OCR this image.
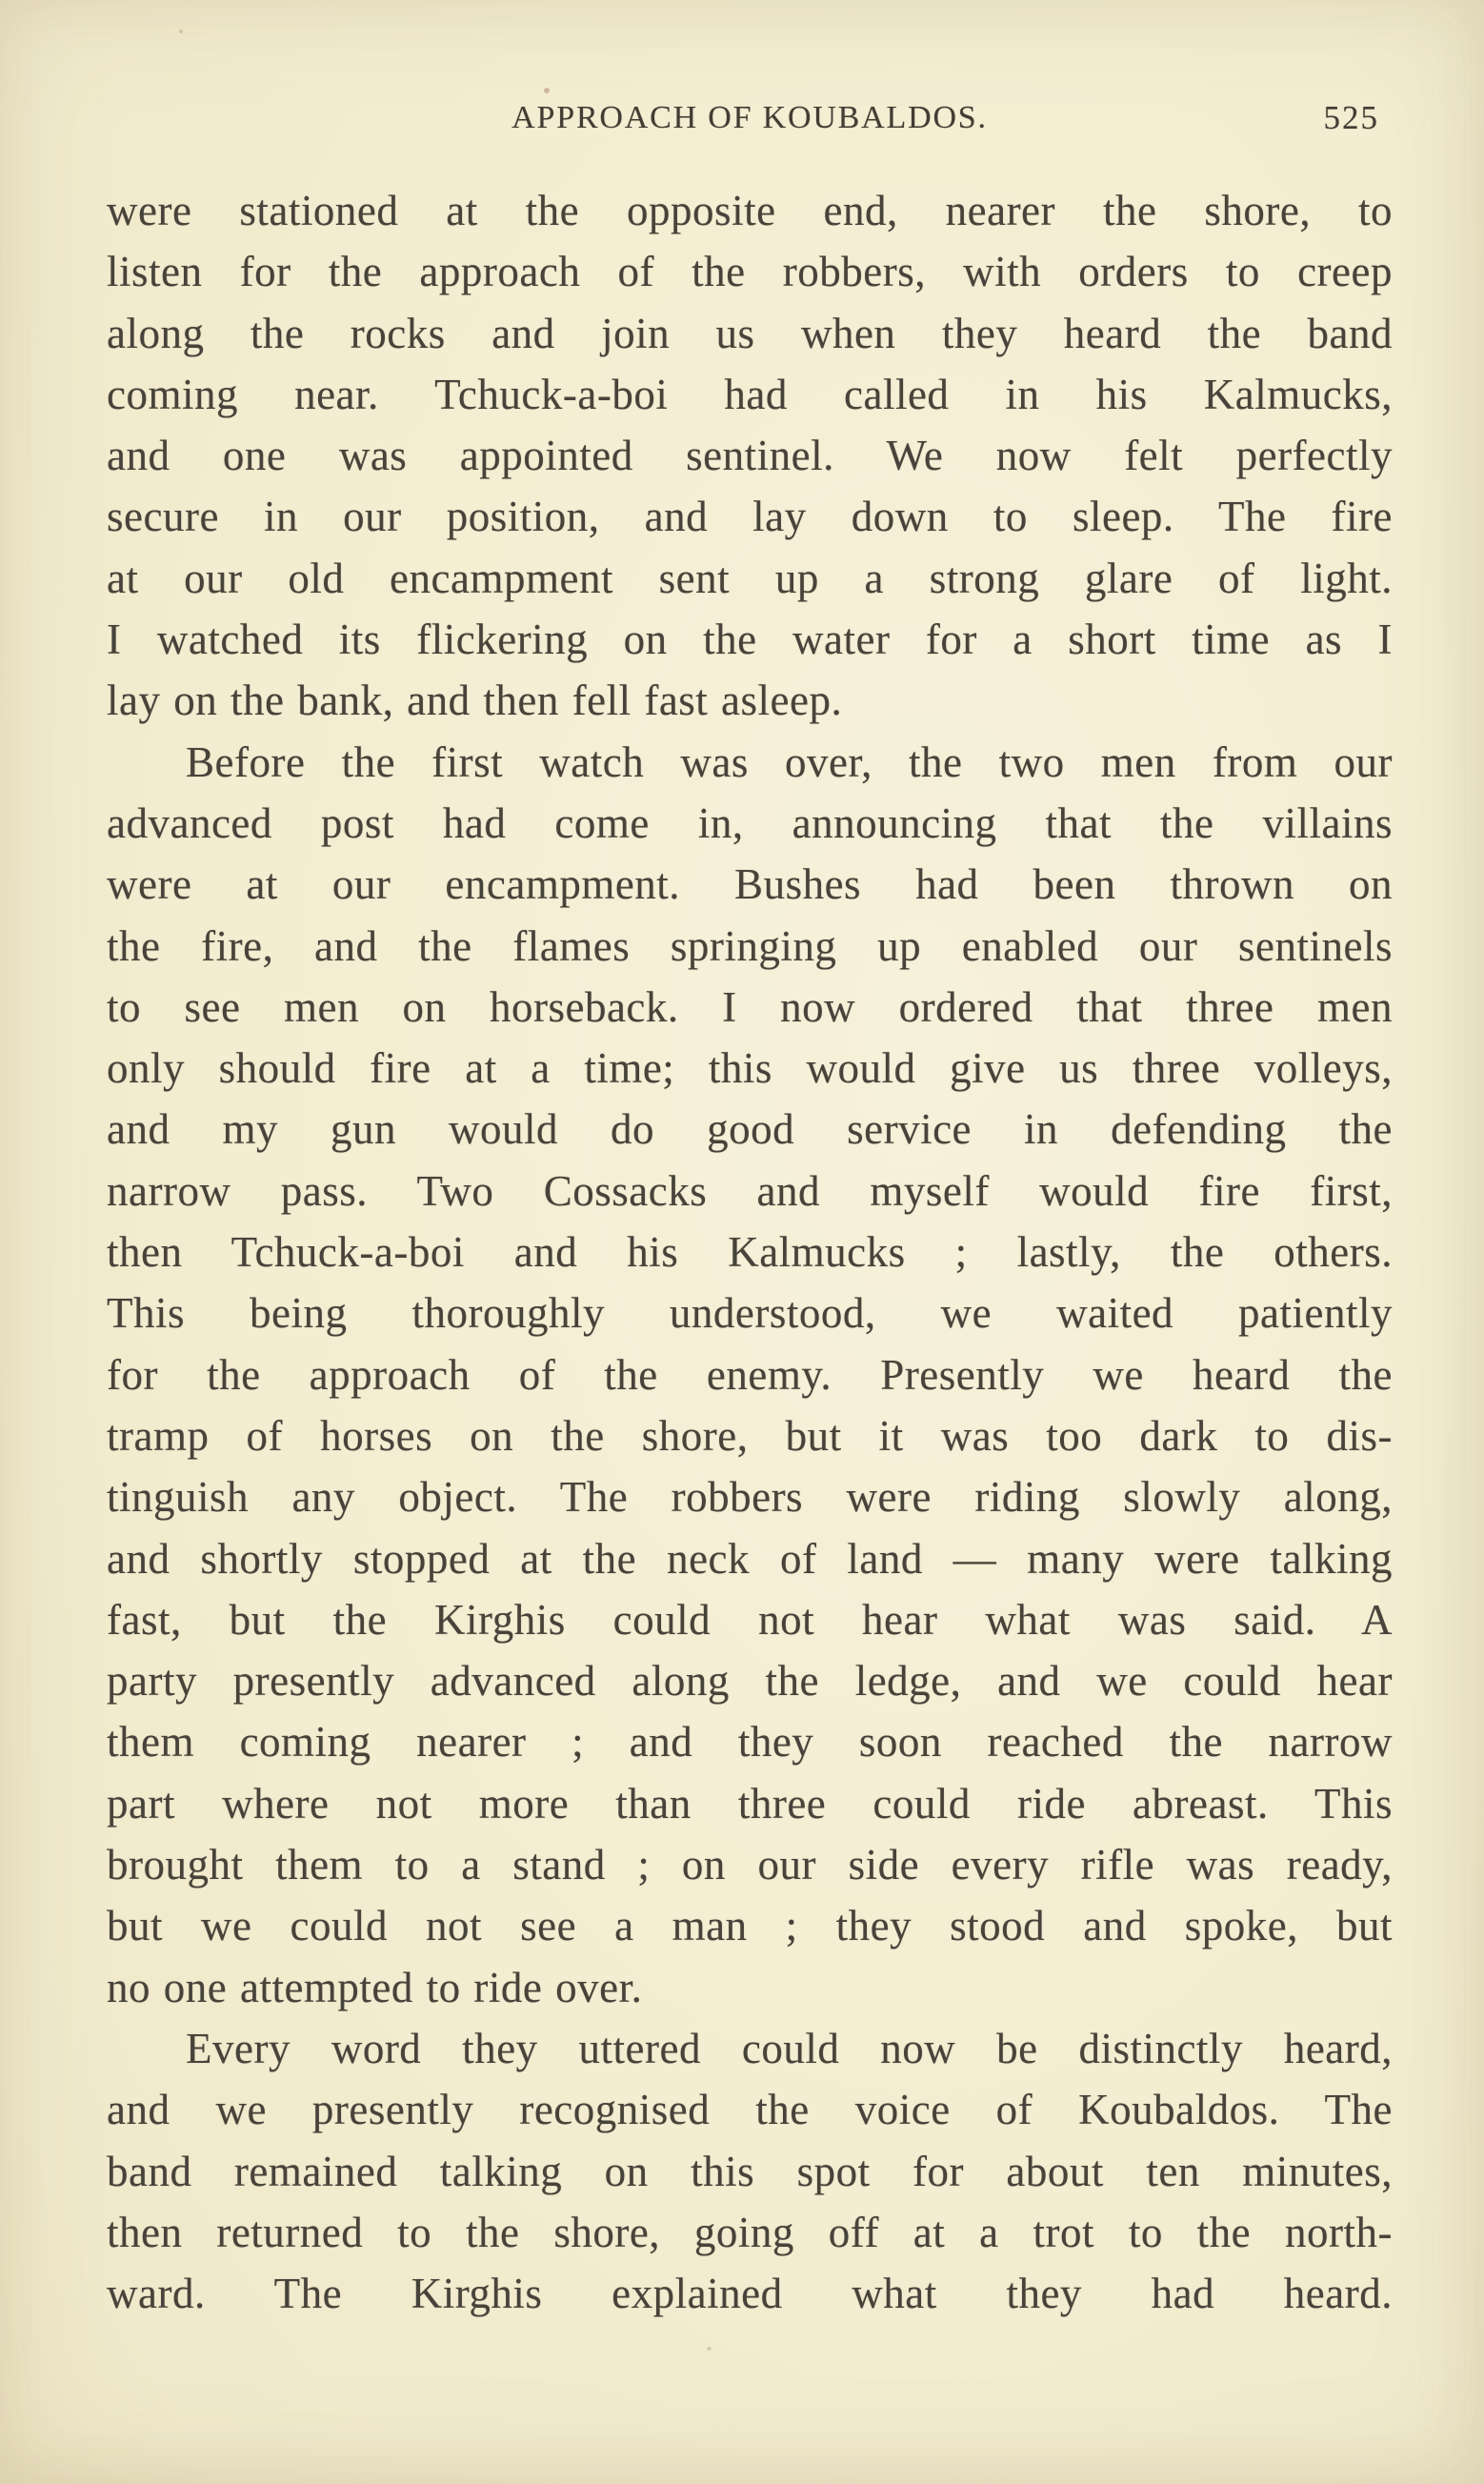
APPROACH OF KOUBALDOS.	525
were stationed at the opposite end, nearer the shore, to
listen for the approach of the robbers, with orders to creep
along the rocks and join us when they heard the band
coming near. Tchuck-a-boi had called in his Kalmucks,
and one was appointed sentinel. We now felt perfectly
secure in our position, and lay down to sleep. The fire
at our old encampment sent up a strong glare of light.
I watched its flickering on the water for a short time as I
lay on the bank, and then fell fast asleep.
Before the first watch was over, the two men from our
advanced post had come in, announcing that the villains
were at our encampment. Bushes had been thrown on
the fire, and the flames springing up enabled our sentinels
to see men on horseback. I now ordered that three men
only should fire at a time; this would give us three volleys,
and my gun would do good service in defending the
narrow pass. Two Cossacks and myself would fire first,
then Tchuck-a-boi and his Kalmucks ; lastly, the others.
This being thoroughly understood, we waited patiently
for the approach of the enemy. Presently we heard the
tramp of horses on the shore, but it was too dark to dis-
tinguish any object. The robbers were riding slowly along,
and shortly stopped at the neck of land — many were talking
fast, but the Kirghis could not hear what was said. A
party presently advanced along the ledge, and we could hear
them coming nearer ; and they soon reached the narrow
part where not more than three could ride abreast. This
brought them to a stand ; on our side every rifle was ready,
but we could not see a man ; they stood and spoke, but
no one attempted to ride over.
Every word they uttered could now be distinctly heard,
and we presently recognised the voice of Koubaldos. The
band remained talking on this spot for about ten minutes,
then returned to the shore, going off at a trot to the north-
ward. The Kirghis explained what they had heard.
